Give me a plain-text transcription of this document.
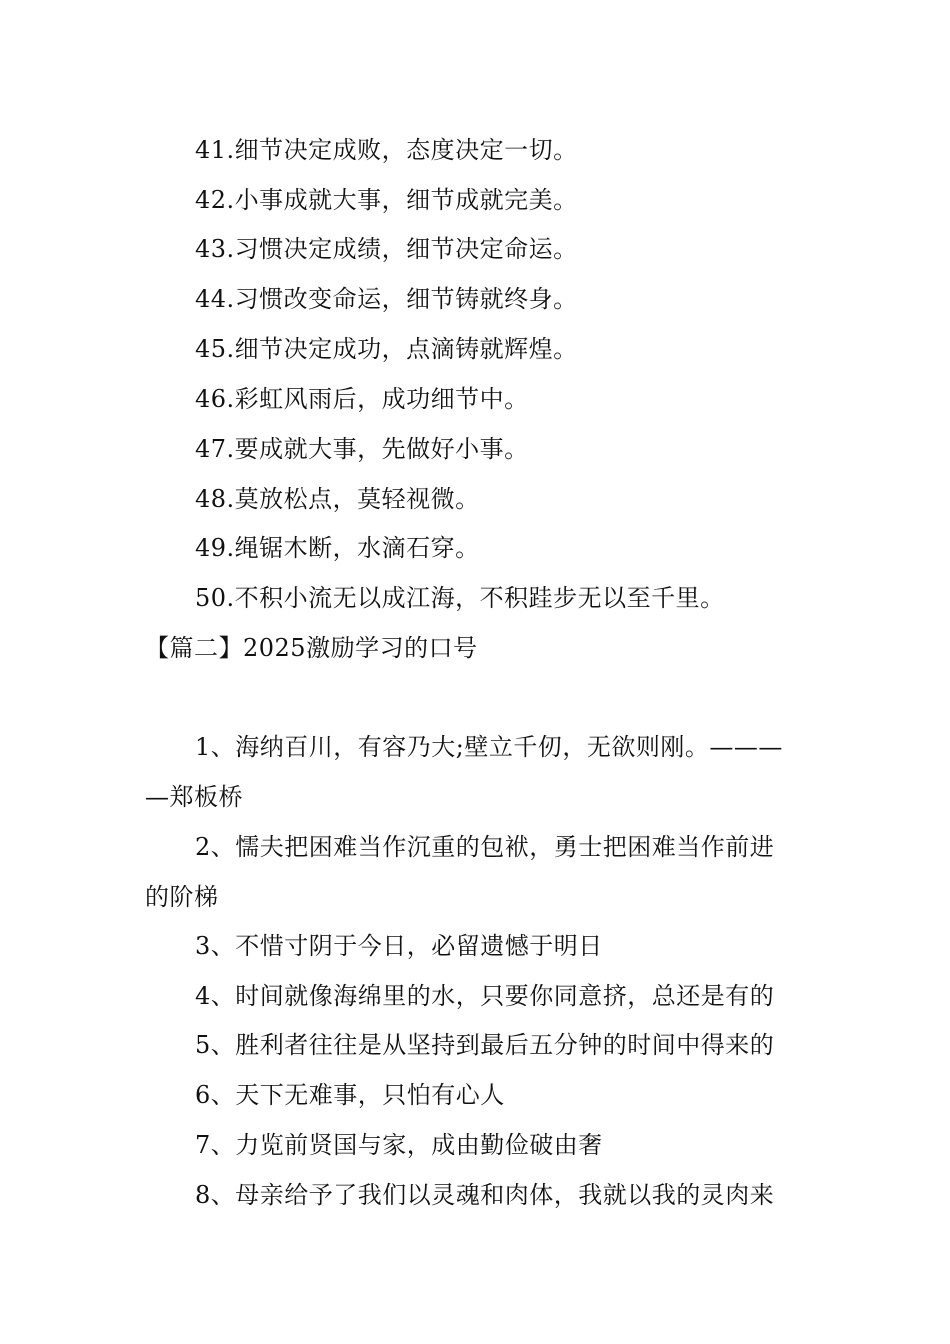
41.细节决定成败，态度决定一切。
42.小事成就大事，细节成就完美。
43.习惯决定成绩，细节决定命运。
44.习惯改变命运，细节铸就终身。
45.细节决定成功，点滴铸就辉煌。
46.彩虹风雨后，成功细节中。
47.要成就大事，先做好小事。
48.莫放松点，莫轻视微。
49.绳锯木断，水滴石穿。
50.不积小流无以成江海，不积跬步无以至千里。
【篇二】2025激励学习的口号
1、海纳百川，有容乃大;壁立千仞，无欲则刚。———
—郑板桥
2、懦夫把困难当作沉重的包袱，勇士把困难当作前进
的阶梯
3、不惜寸阴于今日，必留遗憾于明日
4、时间就像海绵里的水，只要你同意挤，总还是有的
5、胜利者往往是从坚持到最后五分钟的时间中得来的
6、天下无难事，只怕有心人
7、力览前贤国与家，成由勤俭破由奢
8、母亲给予了我们以灵魂和肉体，我就以我的灵肉来
